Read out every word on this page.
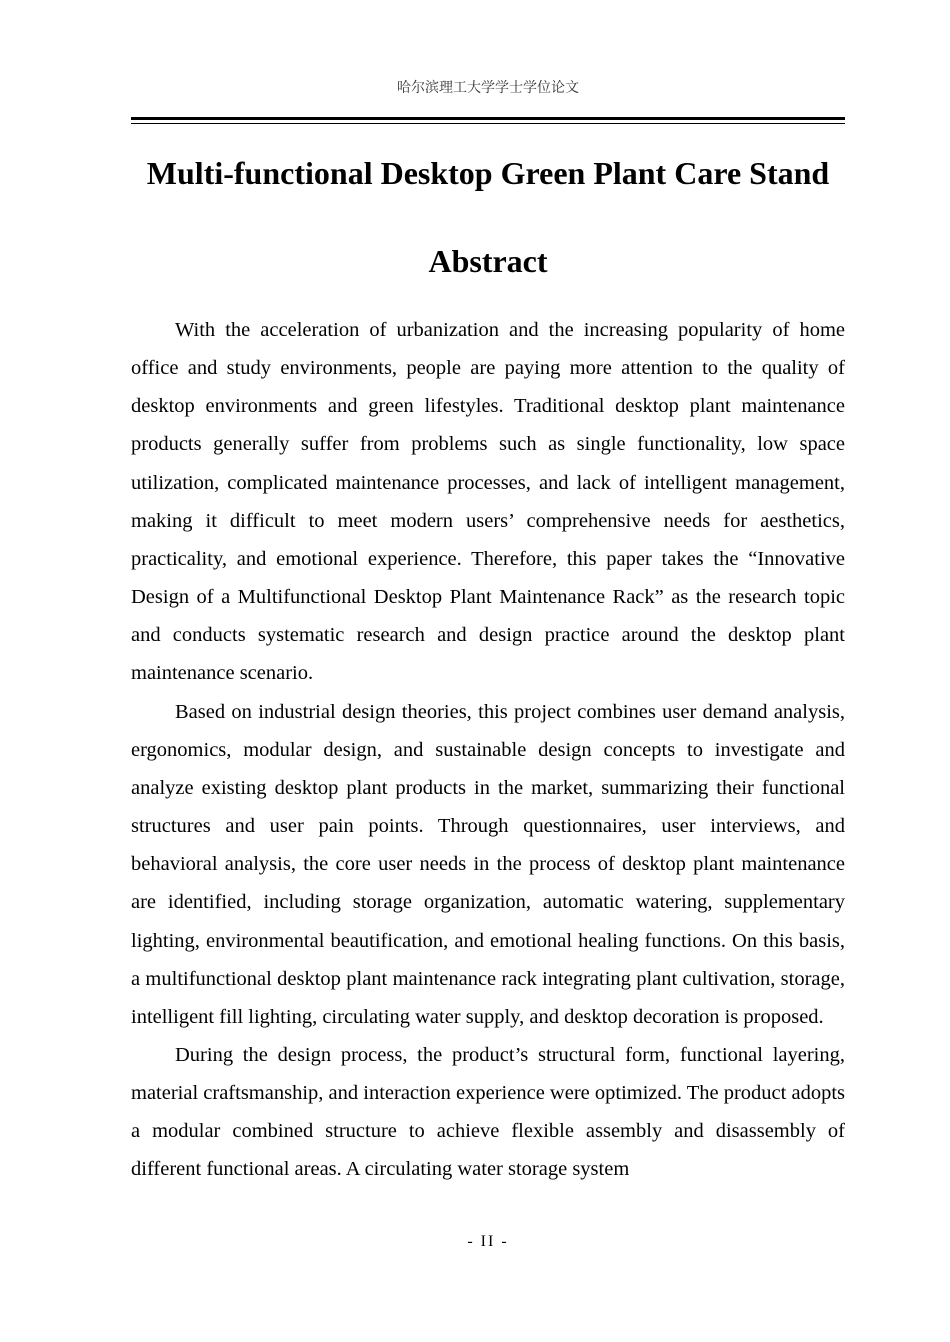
哈尔滨理工大学学士学位论文
Multi-functional Desktop Green Plant Care Stand
Abstract

With the acceleration of urbanization and the increasing popularity of home office and study environments, people are paying more attention to the quality of desktop environments and green lifestyles. Traditional desktop plant maintenance products generally suffer from problems such as single functionality, low space utilization, complicated maintenance processes, and lack of intelligent management, making it difficult to meet modern users’ comprehensive needs for aesthetics, practicality, and emotional experience. Therefore, this paper takes the “Innovative Design of a Multifunctional Desktop Plant Maintenance Rack” as the research topic and conducts systematic research and design practice around the desktop plant maintenance scenario.

Based on industrial design theories, this project combines user demand analysis, ergonomics, modular design, and sustainable design concepts to investigate and analyze existing desktop plant products in the market, summarizing their functional structures and user pain points. Through questionnaires, user interviews, and behavioral analysis, the core user needs in the process of desktop plant maintenance are identified, including storage organization, automatic watering, supplementary lighting, environmental beautification, and emotional healing functions. On this basis, a multifunctional desktop plant maintenance rack integrating plant cultivation, storage, intelligent fill lighting, circulating water supply, and desktop decoration is proposed.

During the design process, the product’s structural form, functional layering, material craftsmanship, and interaction experience were optimized. The product adopts a modular combined structure to achieve flexible assembly and disassembly of different functional areas. A circulating water storage system

- II -
